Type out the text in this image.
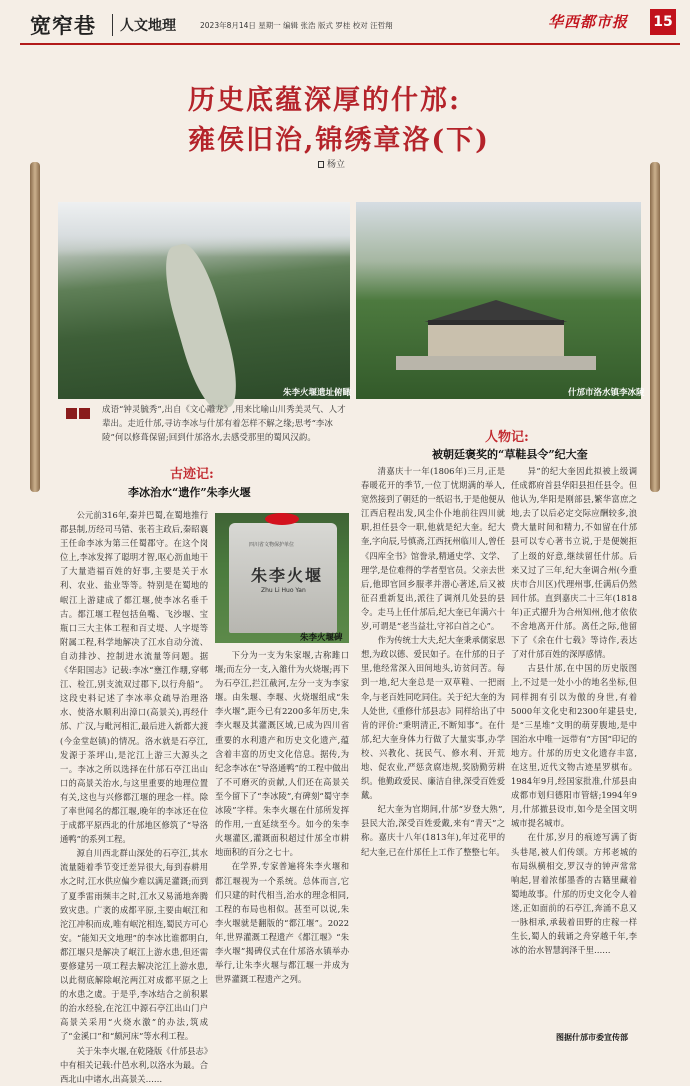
宽窄巷 人文地理	2023年8月14日 星期一 编辑 张浩 版式 罗桂 校对 汪哲翔	华西都市报 15
历史底蕴深厚的什邡:
雍侯旧治,锦绣章洛(下)
杨立
朱李火堰遗址俯瞰	什邡市洛水镇李冰陵
成语“钟灵毓秀”,出自《文心雕龙》,用来比喻山川秀美灵气、人才辈出。走近什邡,寻访李冰与什邡有着怎样不解之缘;思考“李冰陵”何以修葺保留;回到什邡洛水,去感受那里的蜀风汉韵。
古迹记:
李冰治水“遗作”朱李火堰
人物记:
被朝廷褒奖的“草鞋县令”纪大奎
四川省文物保护单位
朱李火堰
Zhu Li Huo Yan
朱李火堰碑

公元前316年,秦并巴蜀,在蜀地推行郡县制,历经司马错、张若主政后,秦昭襄王任命李冰为第三任蜀郡守。在这个岗位上,李冰发挥了聪明才智,呕心沥血地干了大量造福百姓的好事,主要是关于水利、农业、盐业等等。特别是在蜀地的岷江上游建成了都江堰,使李冰名垂千古。都江堰工程包括鱼嘴、飞沙堰、宝瓶口三大主体工程和百丈堤、人字堤等附属工程,科学地解决了江水自动分流、自动排沙、控制进水流量等问题。据《华阳国志》记载:李冰“壅江作堋,穿郫江、检江,别支流双过郡下,以行舟船”。这段史料记述了李冰率众疏导治理洛水、使洛水顺利出漳口(高景关),再经什邡、广汉,与毗河相汇,最后进入新都大渡(今金堂赵镇)的情况。洛水就是石亭江,发源于茶坪山,是沱江上游三大源头之一。李冰之所以选择在什邡石亭江出山口的高景关治水,与这里重要的地理位置有关,这也与兴修都江堰的理念一样。除了率世闻名的都江堰,晚年的李冰还在位于成都平原西北的什邡地区修筑了“导洛通鸭”的系列工程。

源自川西北群山深处的石亭江,其水流量随着季节变迁差异很大,每到春耕用水之时,江水供应偏少难以满足灌溉;而到了夏季雷雨频丰之时,江水又易涌地奔腾致灾患。广袤的成都平原,主要由岷江和沱江冲积而成,唯有岷沱相连,蜀民方可心安。“能知天文地理”的李冰比谁都明白,都江堰只是解决了岷江上游水患,但还需要修建另一项工程去解决沱江上游水患,以此彻底解除岷沱两江对成都平原之上的水患之虞。于是乎,李冰结合之前积累的治水经验,在沱江中源石亭江出山门户高景关采用“火烧水激”的办法,筑成了“金溪口”和“颇河床”等水利工程。

关于朱李火堰,在乾隆版《什邡县志》中有相关记载:什邑水利,以洛水为最。合西北山中诸水,出高景关……

下分为一支为朱家堰,古称雎口堰;而左分一支,入雒什为火烧堰;再下为石亭江,拦江截河,左分一支为李家堰。由朱堰、李堰、火烧堰组成“朱李火堰”,距今已有2200多年历史,朱李火堰及其灌溉区域,已成为四川省重要的水利遗产和历史文化遗产,蕴含着丰富的历史文化信息。据传,为纪念李冰在“导洛通鸭”的工程中做出了不可磨灭的贡献,人们还在高景关至今留下了“李冰陵”,有碑刻“蜀守李冰陵”字样。朱李火堰在什邡所发挥的作用,一直延续至今。如今的朱李火堰灌区,灌溉面积超过什邡全市耕地面积的百分之七十。

在学界,专家普遍将朱李火堰和都江堰视为一个系统。总体而言,它们只建的时代相当,治水的理念相同,工程的布局也相似。甚至可以说,朱李火堰就是翻版的“都江堰”。2022年,世界灌溉工程遗产《都江堰》“朱李火堰”揭碑仪式在什邡洛水镇举办举行,让朱李火堰与都江堰一并成为世界灌溉工程遗产之列。

清嘉庆十一年(1806年)三月,正是春暖花开的季节,一位丁忧期满的举人,宽然接到了朝廷的一纸诏书,于是他便从江西启程出发,风尘仆仆地前往四川就职,担任县令一职,他就是纪大奎。纪大奎,字向辰,号慎斋,江西抚州临川人,曾任《四库全书》馆誊录,精通史学、文学、理学,是位难得的学者型官员。父亲去世后,他即官回乡服孝并潜心著述,后又被征召重新复出,派往了调剂几处县的县令。走马上任什邡后,纪大奎已年满六十岁,可谓是“老当益壮,守祁白首之心”。

作为传统士大夫,纪大奎秉承儒家思想,为政以德、爱民如子。在什邡的日子里,他经常深入田间地头,访贫问苦。每到一地,纪大奎总是一双草鞋、一把雨伞,与老百姓同吃同住。关于纪大奎的为人处世,《重修什邡县志》同样给出了中肯的评价:“秉明清正,不断知事”。在什邡,纪大奎身体力行做了大量实事,办学校、兴教化、抚民气、修水利、开荒地、促农业,严惩贪腐违规,奖励勤劳耕织。他勤政爱民、廉洁自律,深受百姓爱戴。

纪大奎为官期间,什邡“岁登大熟”,县民大治,深受百姓爱戴,来有“青天”之称。嘉庆十八年(1813年),年过花甲的纪大奎,已在什邡任上工作了整整七年。

异”的纪大奎因此拟被上级调任成都府首县华阳县担任县令。但他认为,华阳是刚部县,繁华富庶之地,去了以后必定交际应酬较多,浪费大量时间和精力,不如留在什邡县可以专心著书立说,于是便婉拒了上级的好意,继续留任什邡。后来又过了三年,纪大奎调合州(今重庆市合川区)代理州事,任满后仍然回什邡。直到嘉庆二十三年(1818年)正式擢升为合州知州,他才依依不舍地离开什邡。离任之际,他留下了《余在什七载》等诗作,表达了对什邡百姓的深厚感情。

古县什邡,在中国的历史版图上,不过是一处小小的地名坐标,但同样拥有引以为傲的身世,有着5000年文化史和2300年建县史,是“三星堆”文明的萌芽腹地,是中国治水中唯一远带有“方国”印记的地方。什邡的历史文化遗存丰富,在这里,近代文物古迹星罗棋布。1984年9月,经国家批准,什邡县由成都市划归德阳市管辖;1994年9月,什邡撤县设市,如今是全国文明城市提名城市。

在什邡,岁月的痕迹写满了街头巷尾,被人们传颂。方邦老城的布局纵横相交,罗汉寺的钟声常常响起,冒着浓郁墨香的古籍里藏着蜀地故事。什邡的历史文化令人着迷,正如面前的石亭江,奔涌不息又一脉相承,承载着田野的庄稼一样生长,蜀人的载诵之舟穿越千年,李冰的治水智慧润泽千里……

图据什邡市委宣传部
